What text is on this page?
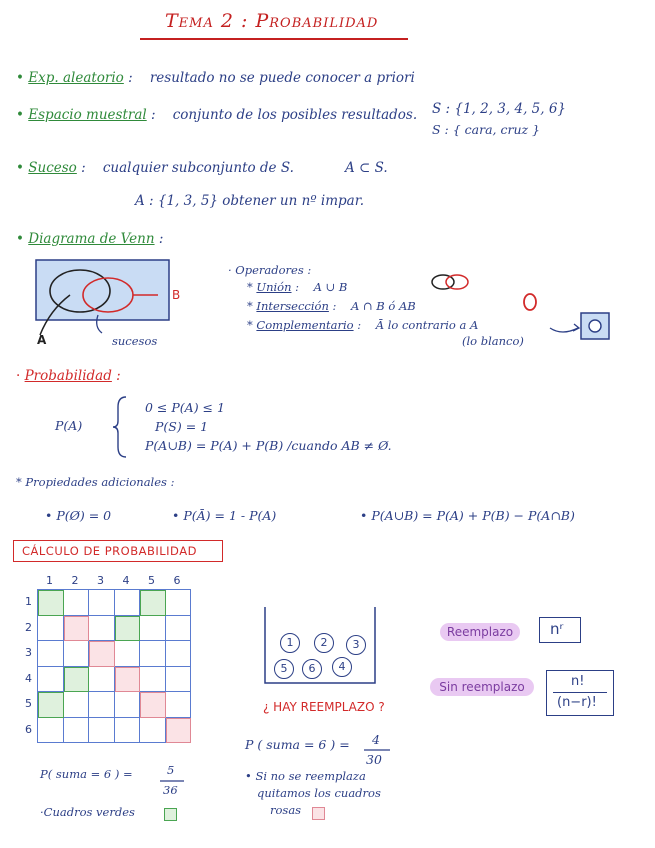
Tema 2 : Probabilidad
• Exp. aleatorio :    resultado no se puede conocer a priori
• Espacio muestral :    conjunto de los posibles resultados. S : {1, 2, 3, 4, 5, 6}
S : { cara, cruz }
• Suceso :    cualquier subconjunto de S.	A ⊂ S.
A : {1, 3, 5} obtener un nº impar.
• Diagrama de Venn :
A
B
sucesos
· Operadores :
* Unión :    A ∪ B
* Intersección :    A ∩ B ó AB
* Complementario :    Ā lo contrario a A
(lo blanco)
· Probabilidad :
P(A)
0 ≤ P(A) ≤ 1
P(S) = 1
P(A∪B) = P(A) + P(B) /cuando AB ≠ Ø.
* Propiedades adicionales :
• P(Ø) = 0	• P(Ā) = 1 - P(A)	• P(A∪B) = P(A) + P(B) − P(A∩B)
CÁLCULO DE PROBABILIDAD
1 2 3 4 5 6
1
2
3
4
5
6
P( suma = 6 ) =	5
36
·Cuadros verdes
1	2	3
5	6	4
¿ HAY REEMPLAZO ?
P ( suma = 6 ) = 4
30
• Si no se reemplaza
quitamos los cuadros
rosas
Reemplazo	nʳ
Sin reemplazo	n!
(n−r)!
